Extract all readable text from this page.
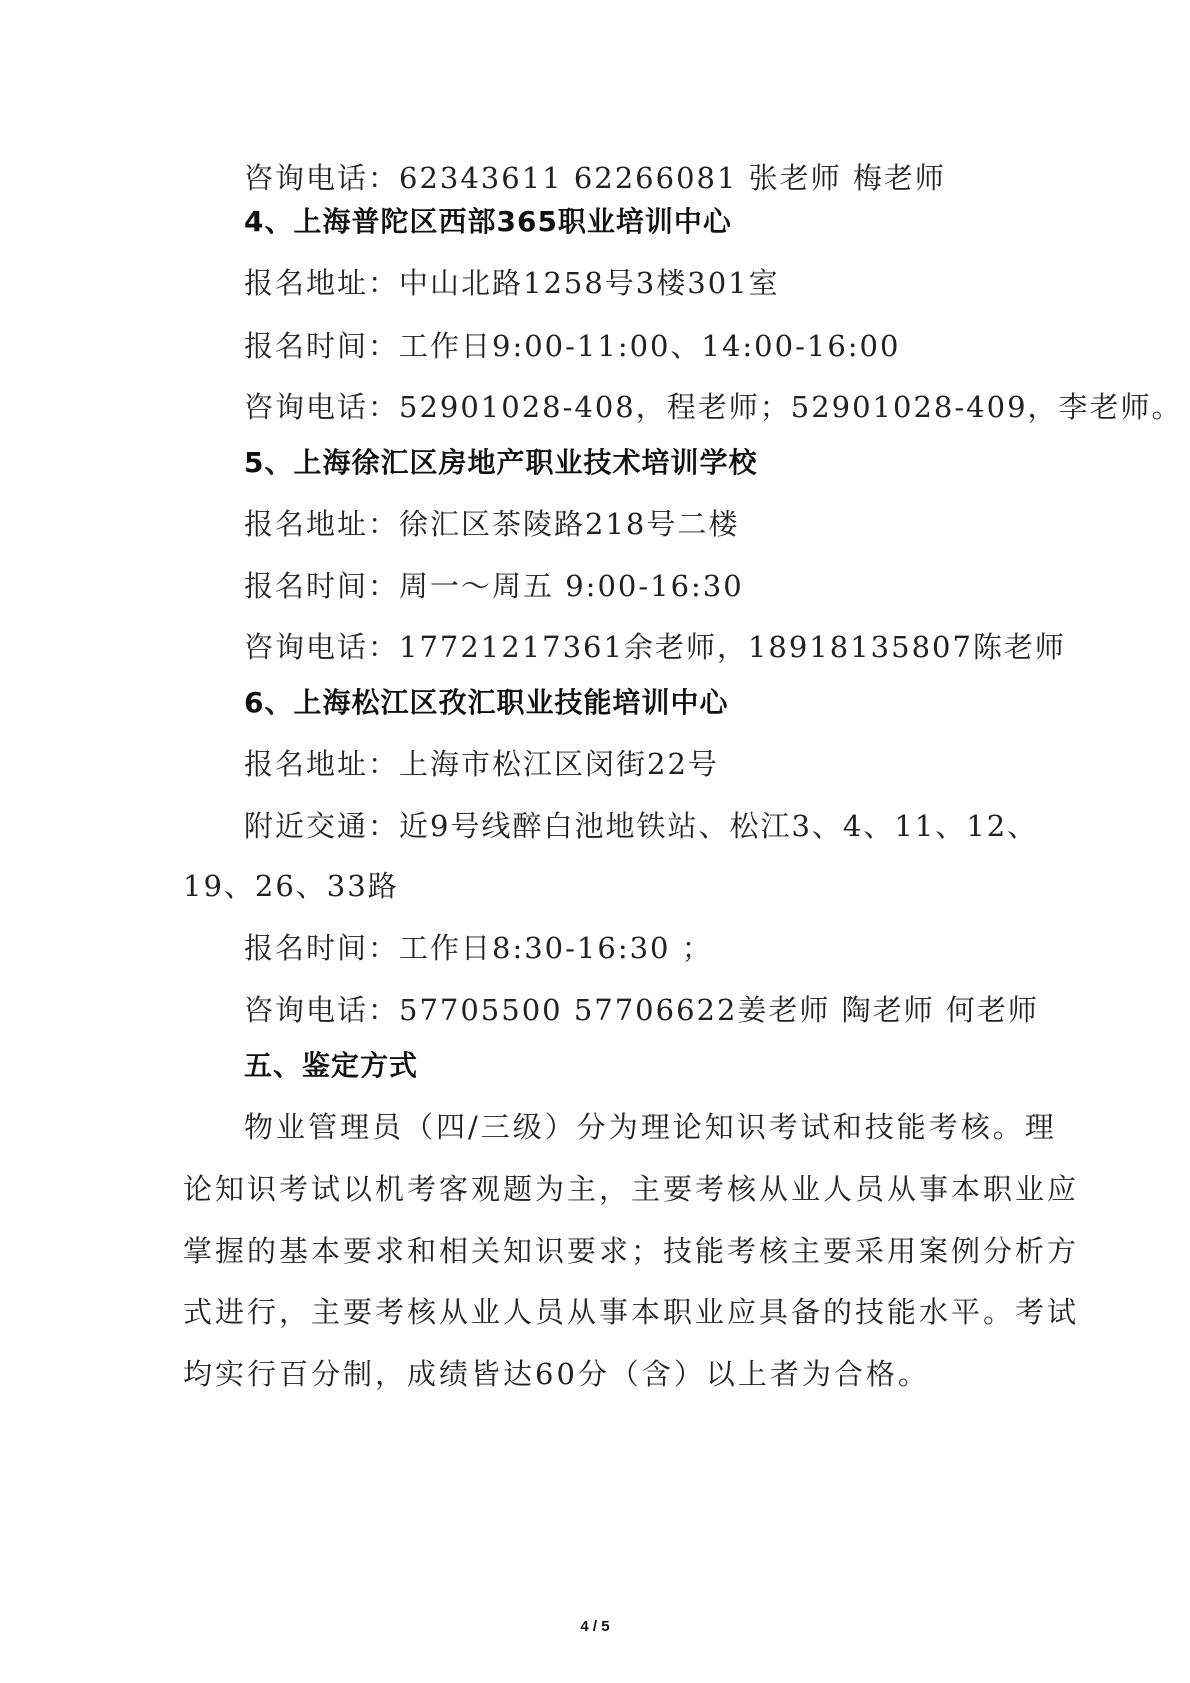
咨询电话：62343611 62266081 张老师 梅老师
4、上海普陀区西部365职业培训中心
报名地址：中山北路1258号3楼301室
报名时间：工作日9:00-11:00、14:00-16:00
咨询电话：52901028-408，程老师；52901028-409，李老师。
5、上海徐汇区房地产职业技术培训学校
报名地址：徐汇区茶陵路218号二楼
报名时间：周一～周五 9:00-16:30
咨询电话：17721217361余老师，18918135807陈老师
6、上海松江区孜汇职业技能培训中心
报名地址：上海市松江区闵街22号
附近交通：近9号线醉白池地铁站、松江3、4、11、12、
19、26、33路
报名时间：工作日8:30-16:30 ；
咨询电话：57705500 57706622姜老师 陶老师 何老师
五、鉴定方式
物业管理员（四/三级）分为理论知识考试和技能考核。理
论知识考试以机考客观题为主，主要考核从业人员从事本职业应
掌握的基本要求和相关知识要求；技能考核主要采用案例分析方
式进行，主要考核从业人员从事本职业应具备的技能水平。考试
均实行百分制，成绩皆达60分（含）以上者为合格。
4 / 5
